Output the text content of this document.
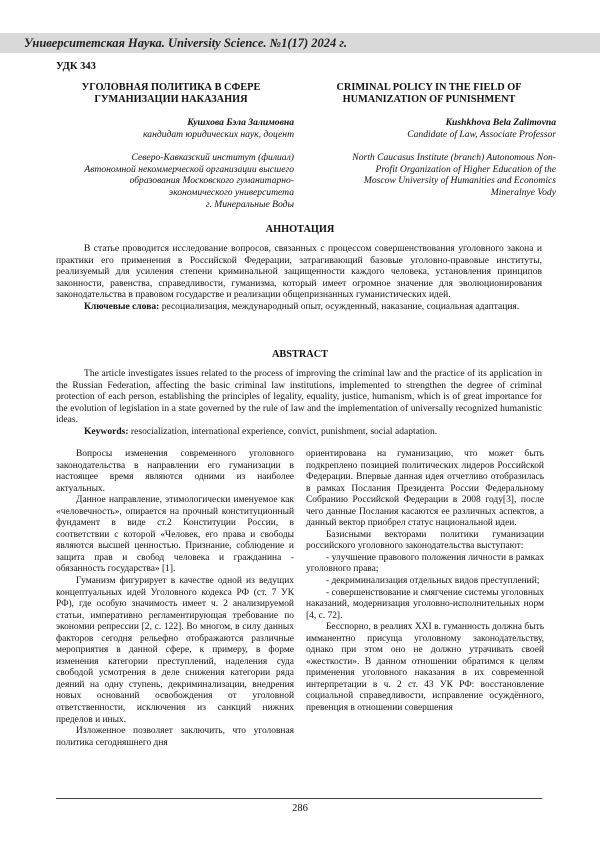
Университетская Наука. University Science. №1(17) 2024 г.
УДК 343
УГОЛОВНАЯ ПОЛИТИКА В СФЕРЕ
ГУМАНИЗАЦИИ НАКАЗАНИЯ
CRIMINAL POLICY IN THE FIELD OF
HUMANIZATION OF PUNISHMENT
Кушхова Бэла Залимовна
кандидат юридических наук, доцент
Северо-Кавказский институт (филиал)
Автономной некоммерческой организации высшего
образования Московского гуманитарно-
экономического университета
г. Минеральные Воды
Kushkhova Bela Zalimovna
Candidate of Law, Associate Professor
North Caucasus Institute (branch) Autonomous Non-
Profit Organization of Higher Education of the
Moscow University of Humanities and Economics
Mineralnye Vody
АННОТАЦИЯ

В статье проводится исследование вопросов, связанных с процессом совершенствования уголовного закона и практики его применения в Российской Федерации, затрагивающий базовые уголовно-правовые институты, реализуемый для усиления степени криминальной защищенности каждого человека, установления принципов законности, равенства, справедливости, гуманизма, который имеет огромное значение для эволюционирования законодательства в правовом государстве и реализации общепризнанных гуманистических идей.

Ключевые слова: ресоциализация, международный опыт, осужденный, наказание, социальная адаптация.

ABSTRACT

The article investigates issues related to the process of improving the criminal law and the practice of its application in the Russian Federation, affecting the basic criminal law institutions, implemented to strengthen the degree of criminal protection of each person, establishing the principles of legality, equality, justice, humanism, which is of great importance for the evolution of legislation in a state governed by the rule of law and the implementation of universally recognized humanistic ideas.

Keywords: resocialization, international experience, convict, punishment, social adaptation.

Вопросы изменения современного уголовного законодательства в направлении его гуманизации в настоящее время являются одними из наиболее актуальных.

Данное направление, этимологически именуемое как «человечность», опирается на прочный конституционный фундамент в виде ст.2 Конституции России, в соответствии с которой «Человек, его права и свободы являются высшей ценностью. Признание, соблюдение и защита прав и свобод человека и гражданина - обязанность государства» [1].

Гуманизм фигурирует в качестве одной из ведущих концептуальных идей Уголовного кодекса РФ (ст. 7 УК РФ), где особую значимость имеет ч. 2 анализируемой статьи, императивно регламентирующая требование по экономии репрессии [2, с. 122]. Во многом, в силу данных факторов сегодня рельефно отображаются различные мероприятия в данной сфере, к примеру, в форме изменения категории преступлений, наделения суда свободой усмотрения в деле снижения категории ряда деяний на одну ступень, декриминализации, внедрения новых оснований освобождения от уголовной ответственности, исключения из санкций нижних пределов и иных.

Изложенное позволяет заключить, что уголовная политика сегодняшнего дня

ориентирована на гуманизацию, что может быть подкреплено позицией политических лидеров Российской Федерации. Впервые данная идея отчетливо отобразилась в рамках Послания Президента России Федеральному Собранию Российской Федерации в 2008 году[3], после чего данные Послания касаются ее различных аспектов, а данный вектор приобрел статус национальной идеи.

Базисными векторами политики гуманизации российского уголовного законодательства выступают:

- улучшение правового положения личности в рамках уголовного права;

- декриминализация отдельных видов преступлений;

- совершенствование и смягчение системы уголовных наказаний, модернизация уголовно-исполнительных норм [4, с. 72].

Бесспорно, в реалиях XXI в. гуманность должна быть имманентно присуща уголовному законодательству, однако при этом оно не должно утрачивать своей «жесткости». В данном отношении обратимся к целям применения уголовного наказания в их современной интерпретации в ч. 2 ст. 43 УК РФ: восстановление социальной справедливости, исправление осуждённого, превенция в отношении совершения

286
